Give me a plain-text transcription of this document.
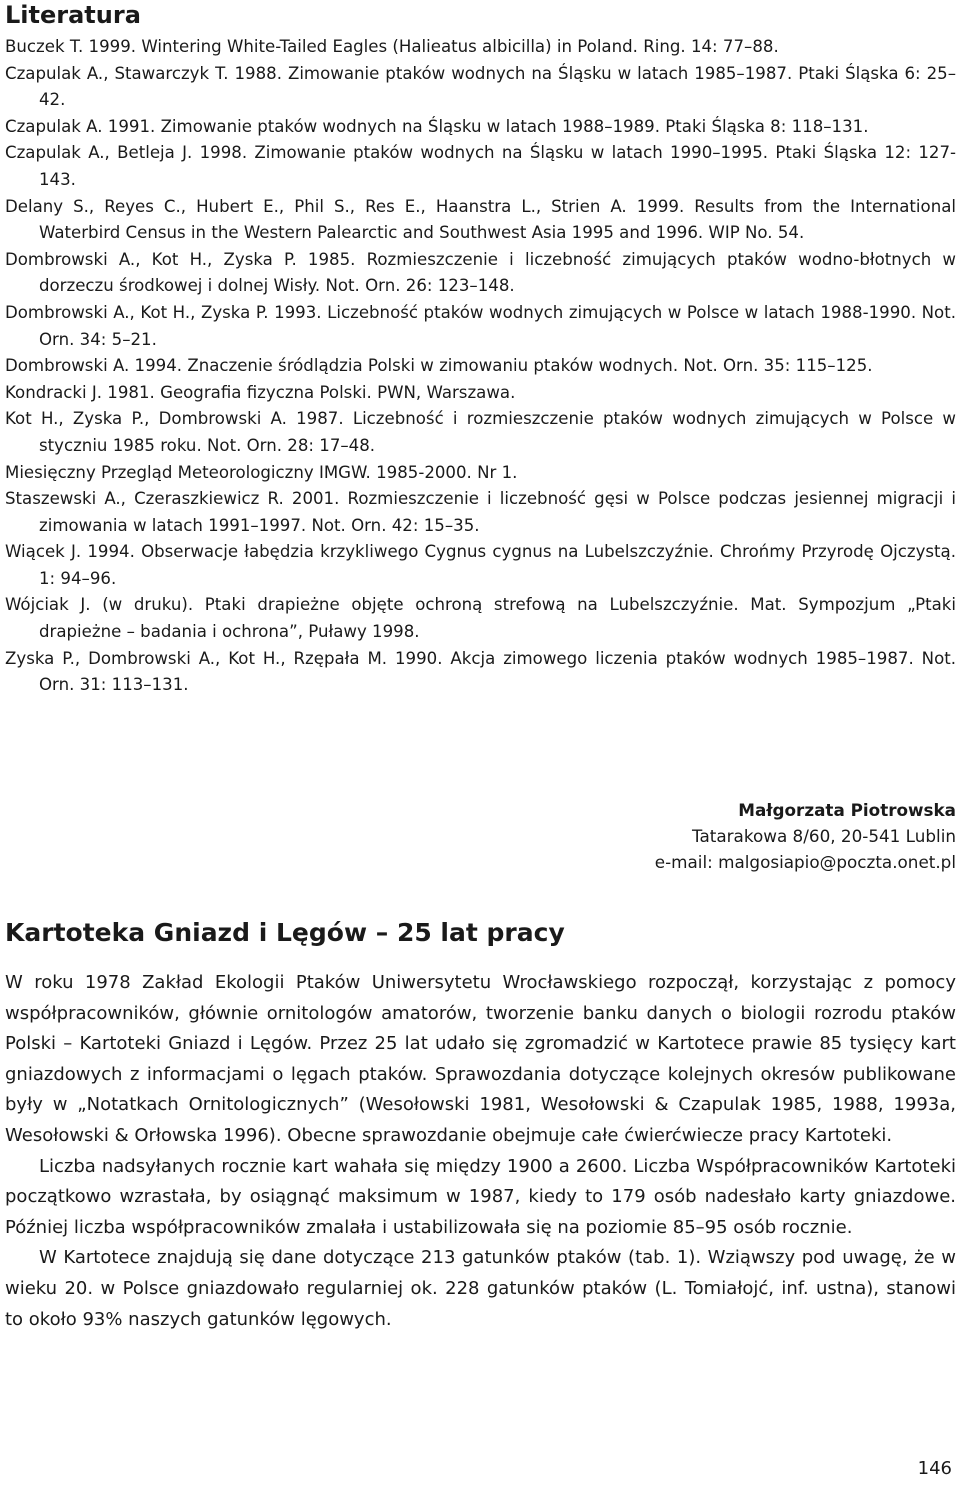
Literatura

Buczek T. 1999. Wintering White-Tailed Eagles (Halieatus albicilla) in Poland. Ring. 14: 77–88.

Czapulak A., Stawarczyk T. 1988. Zimowanie ptaków wodnych na Śląsku w latach 1985–1987. Ptaki Śląska 6: 25–42.

Czapulak A. 1991. Zimowanie ptaków wodnych na Śląsku w latach 1988–1989. Ptaki Śląska 8: 118–131.

Czapulak A., Betleja J. 1998. Zimowanie ptaków wodnych na Śląsku w latach 1990–1995. Ptaki Śląska 12: 127-143.

Delany S., Reyes C., Hubert E., Phil S., Res E., Haanstra L., Strien A. 1999. Results from the International Waterbird Census in the Western Palearctic and Southwest Asia 1995 and 1996. WIP No. 54.

Dombrowski A., Kot H., Zyska P. 1985. Rozmieszczenie i liczebność zimujących ptaków wodno-błotnych w dorzeczu środkowej i dolnej Wisły. Not. Orn. 26: 123–148.

Dombrowski A., Kot H., Zyska P. 1993. Liczebność ptaków wodnych zimujących w Polsce w latach 1988-1990. Not. Orn. 34: 5–21.

Dombrowski A. 1994. Znaczenie śródlądzia Polski w zimowaniu ptaków wodnych. Not. Orn. 35: 115–125.

Kondracki J. 1981. Geografia fizyczna Polski. PWN, Warszawa.

Kot H., Zyska P., Dombrowski A. 1987. Liczebność i rozmieszczenie ptaków wodnych zimujących w Polsce w styczniu 1985 roku. Not. Orn. 28: 17–48.

Miesięczny Przegląd Meteorologiczny IMGW. 1985-2000. Nr 1.

Staszewski A., Czeraszkiewicz R. 2001. Rozmieszczenie i liczebność gęsi w Polsce podczas jesiennej migracji i zimowania w latach 1991–1997. Not. Orn. 42: 15–35.

Wiącek J. 1994. Obserwacje łabędzia krzykliwego Cygnus cygnus na Lubelszczyźnie. Chrońmy Przyrodę Ojczystą. 1: 94–96.

Wójciak J. (w druku). Ptaki drapieżne objęte ochroną strefową na Lubelszczyźnie. Mat. Sympozjum „Ptaki drapieżne – badania i ochrona”, Puławy 1998.

Zyska P., Dombrowski A., Kot H., Rzępała M. 1990. Akcja zimowego liczenia ptaków wodnych 1985–1987. Not. Orn. 31: 113–131.

Małgorzata Piotrowska
Tatarakowa 8/60, 20-541 Lublin
e-mail: malgosiapio@poczta.onet.pl
Kartoteka Gniazd i Lęgów – 25 lat pracy

W roku 1978 Zakład Ekologii Ptaków Uniwersytetu Wrocławskiego rozpoczął, korzystając z pomocy współpracowników, głównie ornitologów amatorów, tworzenie banku danych o biologii rozrodu ptaków Polski – Kartoteki Gniazd i Lęgów. Przez 25 lat udało się zgromadzić w Kartotece prawie 85 tysięcy kart gniazdowych z informacjami o lęgach ptaków. Sprawozdania dotyczące kolejnych okresów publikowane były w „Notatkach Ornitologicznych” (Wesołowski 1981, Wesołowski & Czapulak 1985, 1988, 1993a, Wesołowski & Orłowska 1996). Obecne sprawozdanie obejmuje całe ćwierćwiecze pracy Kartoteki.

Liczba nadsyłanych rocznie kart wahała się między 1900 a 2600. Liczba Współpracowników Kartoteki początkowo wzrastała, by osiągnąć maksimum w 1987, kiedy to 179 osób nadesłało karty gniazdowe. Później liczba współpracowników zmalała i ustabilizowała się na poziomie 85–95 osób rocznie.

W Kartotece znajdują się dane dotyczące 213 gatunków ptaków (tab. 1). Wziąwszy pod uwagę, że w wieku 20. w Polsce gniazdowało regularniej ok. 228 gatunków ptaków (L. Tomiałojć, inf. ustna), stanowi to około 93% naszych gatunków lęgowych.

146
